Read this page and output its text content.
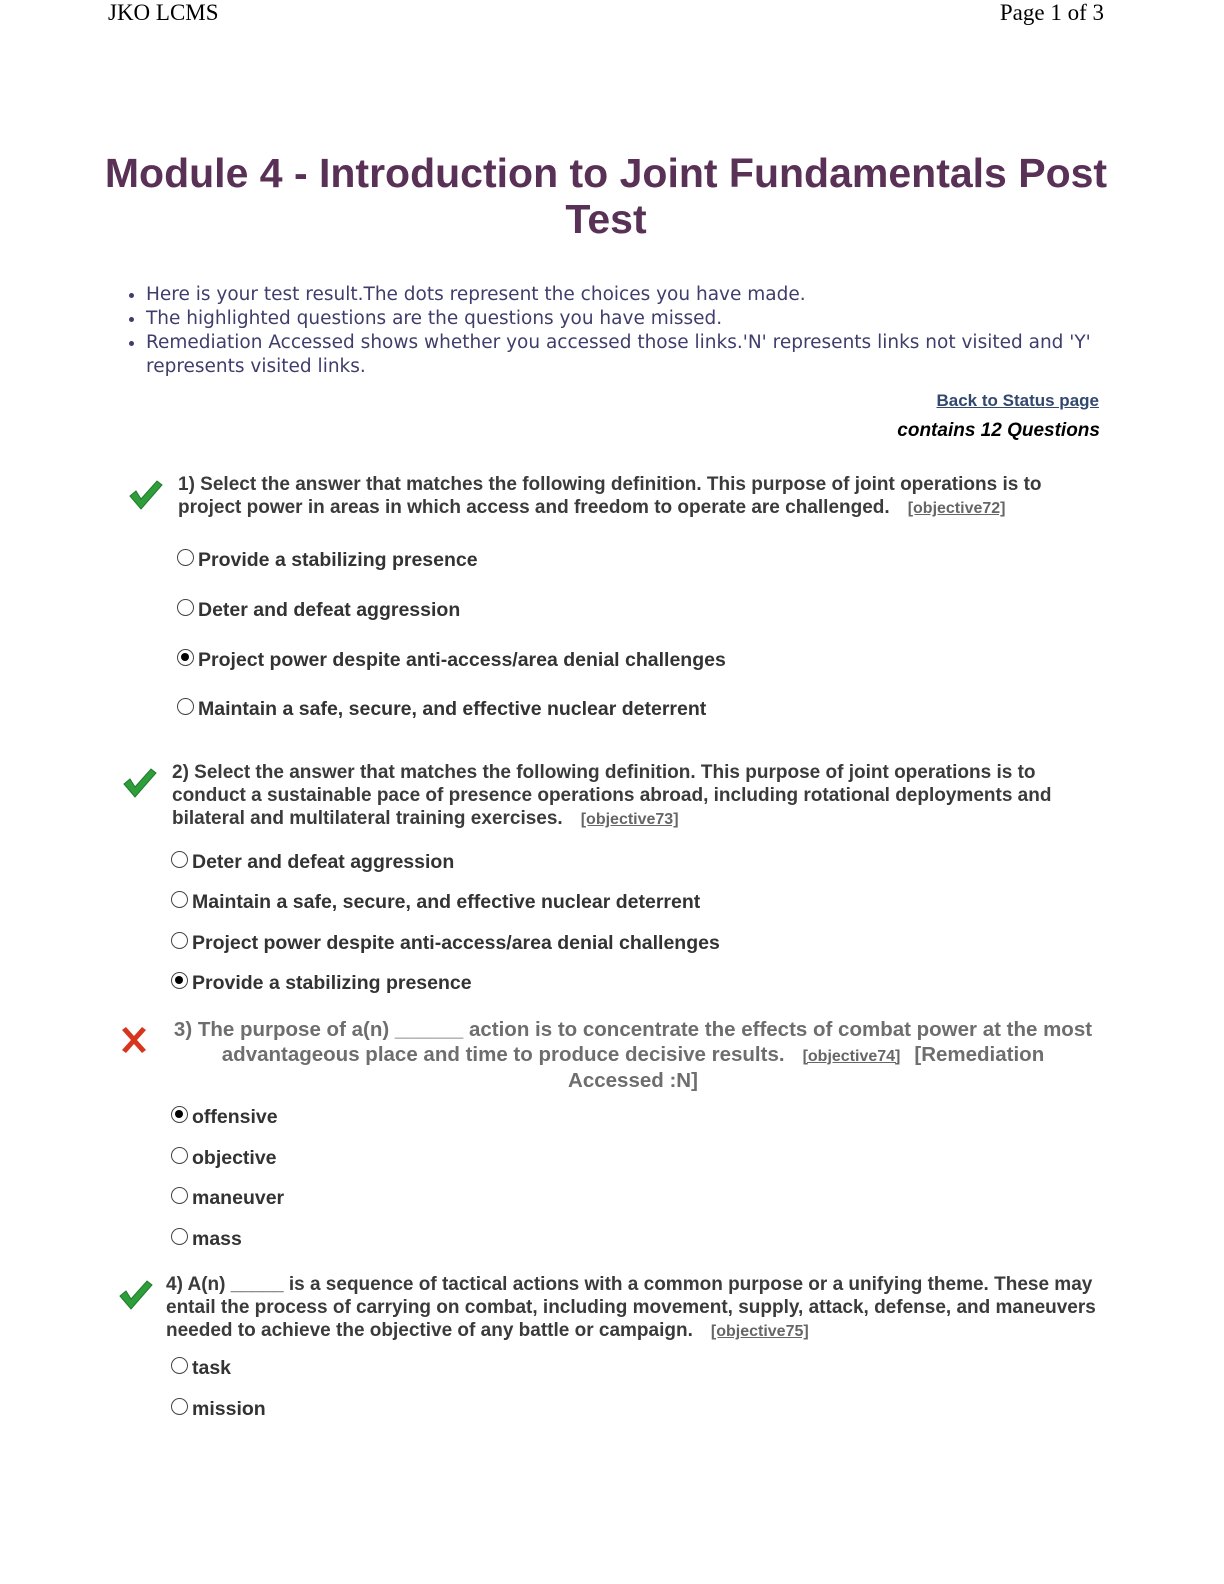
JKO LCMS	Page 1 of 3
Module 4 - Introduction to Joint Fundamentals Post Test
• Here is your test result.The dots represent the choices you have made.
• The highlighted questions are the questions you have missed.
• Remediation Accessed shows whether you accessed those links.'N' represents links not visited and 'Y' represents visited links.
Back to Status page
contains 12 Questions
1) Select the answer that matches the following definition. This purpose of joint operations is to project power in areas in which access and freedom to operate are challenged. [objective72]
Provide a stabilizing presence
Deter and defeat aggression
Project power despite anti-access/area denial challenges
Maintain a safe, secure, and effective nuclear deterrent
2) Select the answer that matches the following definition. This purpose of joint operations is to conduct a sustainable pace of presence operations abroad, including rotational deployments and bilateral and multilateral training exercises. [objective73]
Deter and defeat aggression
Maintain a safe, secure, and effective nuclear deterrent
Project power despite anti-access/area denial challenges
Provide a stabilizing presence
3) The purpose of a(n) ______ action is to concentrate the effects of combat power at the most advantageous place and time to produce decisive results. [objective74] [Remediation Accessed :N]
offensive
objective
maneuver
mass
4) A(n) _____ is a sequence of tactical actions with a common purpose or a unifying theme. These may entail the process of carrying on combat, including movement, supply, attack, defense, and maneuvers needed to achieve the objective of any battle or campaign. [objective75]
task
mission
